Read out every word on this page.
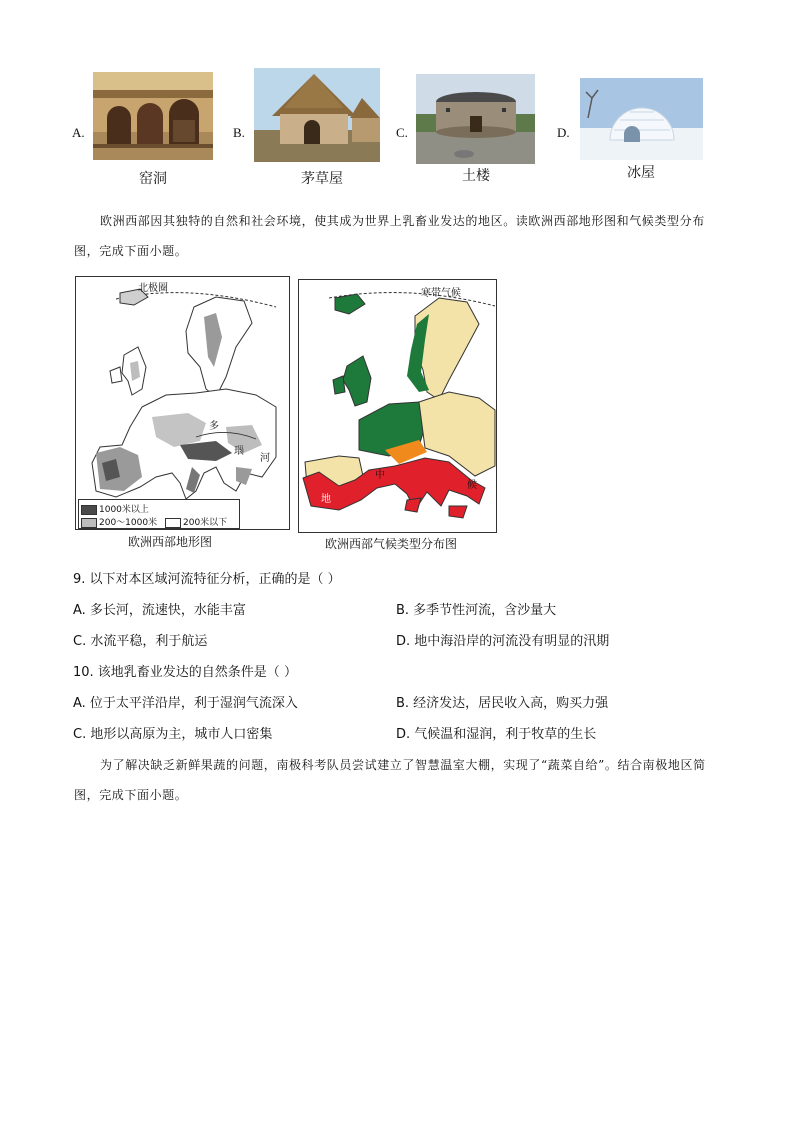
A.
窑洞
B.
茅草屋
C.
土楼
D.
冰屋

欧洲西部因其独特的自然和社会环境，使其成为世界上乳畜业发达的地区。读欧洲西部地形图和气候类型分布图，完成下面小题。

北极圈
多
瑙
河
1000米以上
200～1000米	200米以下
欧洲西部地形图
寒带气候
地
中
候
欧洲西部气候类型分布图
9. 以下对本区域河流特征分析，正确的是（ ）
A. 多长河，流速快，水能丰富	B. 多季节性河流，含沙量大
C. 水流平稳，利于航运	D. 地中海沿岸的河流没有明显的汛期
10. 该地乳畜业发达的自然条件是（ ）
A. 位于太平洋沿岸，利于湿润气流深入	B. 经济发达，居民收入高，购买力强
C. 地形以高原为主，城市人口密集	D. 气候温和湿润，利于牧草的生长

为了解决缺乏新鲜果蔬的问题，南极科考队员尝试建立了智慧温室大棚，实现了“蔬菜自给”。结合南极地区简图，完成下面小题。
